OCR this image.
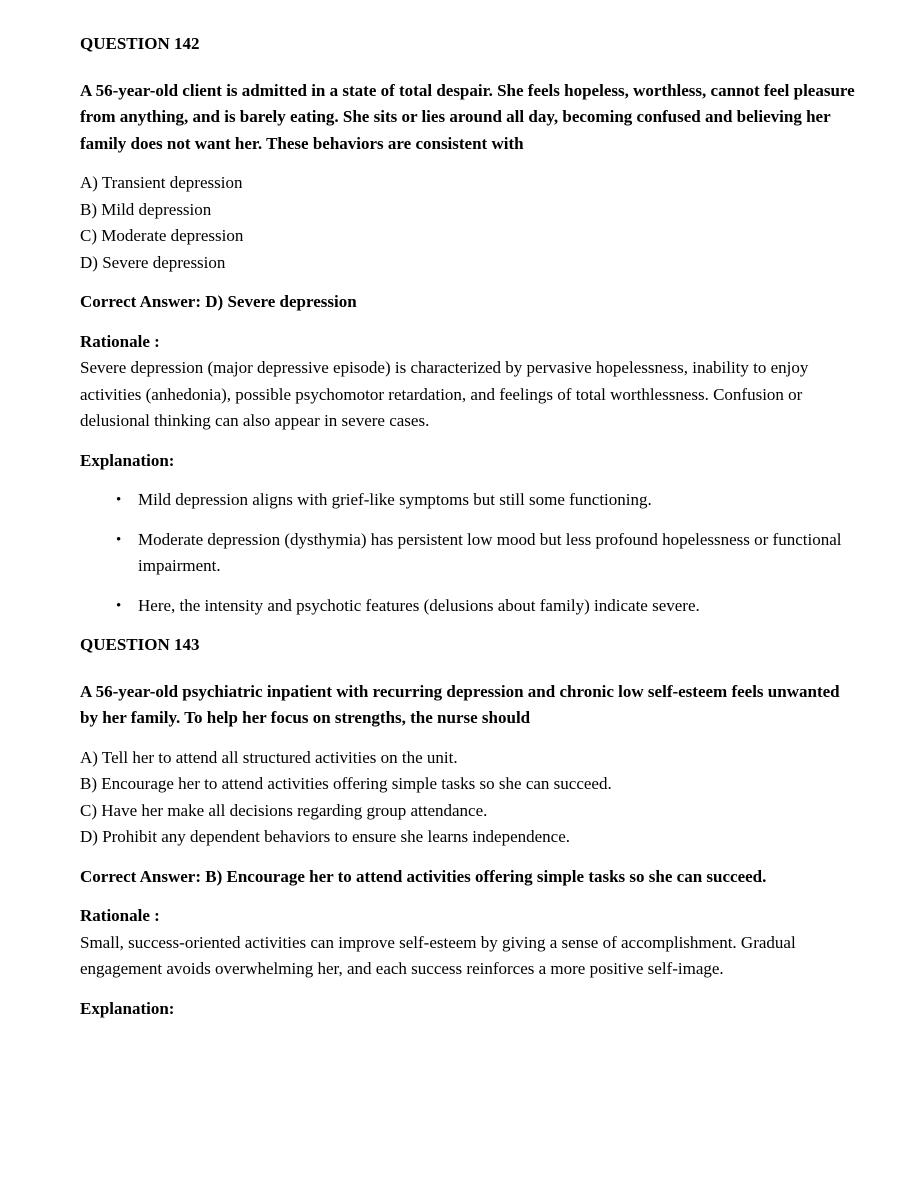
QUESTION 142

A 56-year-old client is admitted in a state of total despair. She feels hopeless, worthless, cannot feel pleasure from anything, and is barely eating. She sits or lies around all day, becoming confused and believing her family does not want her. These behaviors are consistent with

A) Transient depression

B) Mild depression

C) Moderate depression

D) Severe depression

Correct Answer: D) Severe depression

Rationale :

Severe depression (major depressive episode) is characterized by pervasive hopelessness, inability to enjoy activities (anhedonia), possible psychomotor retardation, and feelings of total worthlessness. Confusion or delusional thinking can also appear in severe cases.

Explanation:

• Mild depression aligns with grief-like symptoms but still some functioning.
• Moderate depression (dysthymia) has persistent low mood but less profound hopelessness or functional impairment.
• Here, the intensity and psychotic features (delusions about family) indicate severe.
QUESTION 143

A 56-year-old psychiatric inpatient with recurring depression and chronic low self-esteem feels unwanted by her family. To help her focus on strengths, the nurse should

A) Tell her to attend all structured activities on the unit.

B) Encourage her to attend activities offering simple tasks so she can succeed.

C) Have her make all decisions regarding group attendance.

D) Prohibit any dependent behaviors to ensure she learns independence.

Correct Answer: B) Encourage her to attend activities offering simple tasks so she can succeed.

Rationale :

Small, success-oriented activities can improve self-esteem by giving a sense of accomplishment. Gradual engagement avoids overwhelming her, and each success reinforces a more positive self-image.

Explanation:
